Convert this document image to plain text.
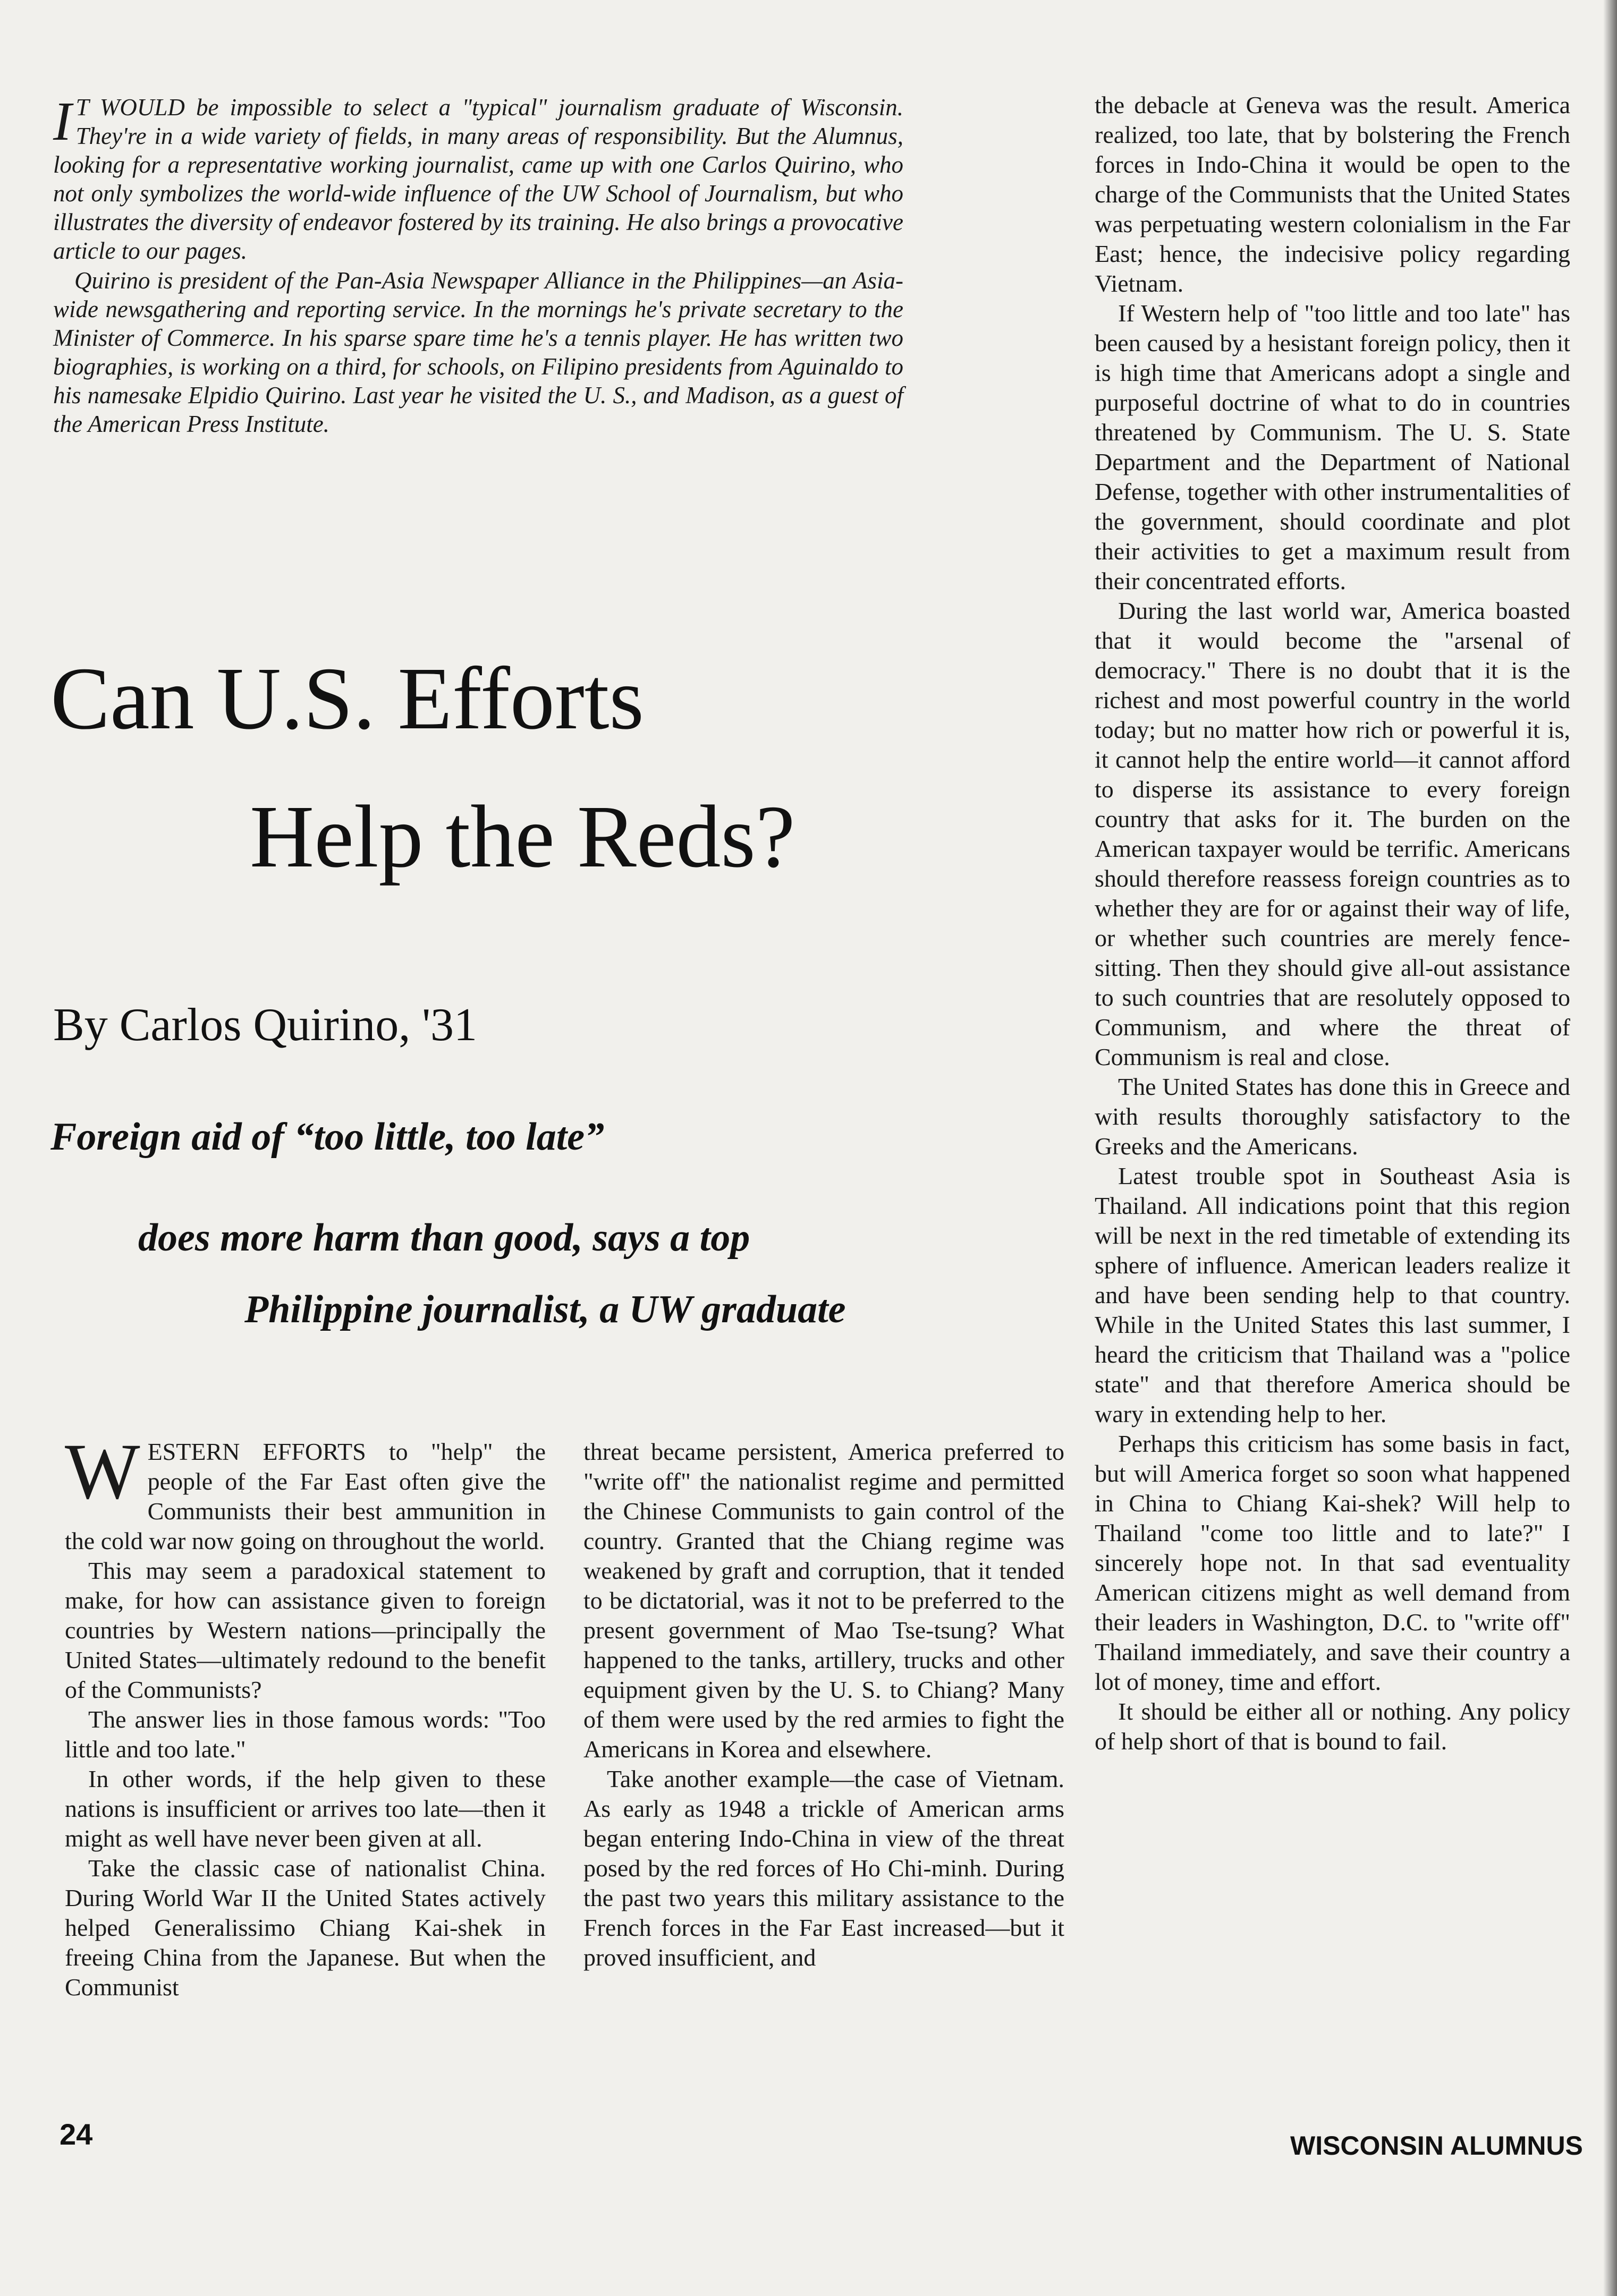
I T WOULD be impossible to select a "typical" journalism graduate of Wisconsin. They're in a wide variety of fields, in many areas of responsibility. But the Alumnus, looking for a representative working journalist, came up with one Carlos Quirino, who not only symbolizes the world-wide influence of the UW School of Journalism, but who illustrates the diversity of endeavor fostered by its training. He also brings a provocative article to our pages.

Quirino is president of the Pan-Asia Newspaper Alliance in the Philippines—an Asia-wide newsgathering and reporting service. In the mornings he's private secretary to the Minister of Commerce. In his sparse spare time he's a tennis player. He has written two biographies, is working on a third, for schools, on Filipino presidents from Aguinaldo to his namesake Elpidio Quirino. Last year he visited the U. S., and Madison, as a guest of the American Press Institute.

Can U.S. Efforts
Help the Reds?
By Carlos Quirino, '31
Foreign aid of “too little, too late”
does more harm than good, says a top
Philippine journalist, a UW graduate

WESTERN EFFORTS to "help" the people of the Far East often give the Communists their best ammunition in the cold war now going on throughout the world.

This may seem a paradoxical statement to make, for how can assistance given to foreign countries by Western nations—principally the United States—ultimately redound to the benefit of the Communists?

The answer lies in those famous words: "Too little and too late."

In other words, if the help given to these nations is insufficient or arrives too late—then it might as well have never been given at all.

Take the classic case of nationalist China. During World War II the United States actively helped Generalissimo Chiang Kai-shek in freeing China from the Japanese. But when the Communist

threat became persistent, America preferred to "write off" the nationalist regime and permitted the Chinese Communists to gain control of the country. Granted that the Chiang regime was weakened by graft and corruption, that it tended to be dictatorial, was it not to be preferred to the present government of Mao Tse-tsung? What happened to the tanks, artillery, trucks and other equipment given by the U. S. to Chiang? Many of them were used by the red armies to fight the Americans in Korea and elsewhere.

Take another example—the case of Vietnam. As early as 1948 a trickle of American arms began entering Indo-China in view of the threat posed by the red forces of Ho Chi-minh. During the past two years this military assistance to the French forces in the Far East increased—but it proved insufficient, and

the debacle at Geneva was the result. America realized, too late, that by bolstering the French forces in Indo-China it would be open to the charge of the Communists that the United States was perpetuating western colonialism in the Far East; hence, the indecisive policy regarding Vietnam.

If Western help of "too little and too late" has been caused by a hesistant foreign policy, then it is high time that Americans adopt a single and purposeful doctrine of what to do in countries threatened by Communism. The U. S. State Department and the Department of National Defense, together with other instrumentalities of the government, should coordinate and plot their activities to get a maximum result from their concentrated efforts.

During the last world war, America boasted that it would become the "arsenal of democracy." There is no doubt that it is the richest and most powerful country in the world today; but no matter how rich or powerful it is, it cannot help the entire world—it cannot afford to disperse its assistance to every foreign country that asks for it. The burden on the American taxpayer would be terrific. Americans should therefore reassess foreign countries as to whether they are for or against their way of life, or whether such countries are merely fence-sitting. Then they should give all-out assistance to such countries that are resolutely opposed to Communism, and where the threat of Communism is real and close.

The United States has done this in Greece and with results thoroughly satisfactory to the Greeks and the Americans.

Latest trouble spot in Southeast Asia is Thailand. All indications point that this region will be next in the red timetable of extending its sphere of influence. American leaders realize it and have been sending help to that country. While in the United States this last summer, I heard the criticism that Thailand was a "police state" and that therefore America should be wary in extending help to her.

Perhaps this criticism has some basis in fact, but will America forget so soon what happened in China to Chiang Kai-shek? Will help to Thailand "come too little and to late?" I sincerely hope not. In that sad eventuality American citizens might as well demand from their leaders in Washington, D.C. to "write off" Thailand immediately, and save their country a lot of money, time and effort.

It should be either all or nothing. Any policy of help short of that is bound to fail.

24	WISCONSIN ALUMNUS
